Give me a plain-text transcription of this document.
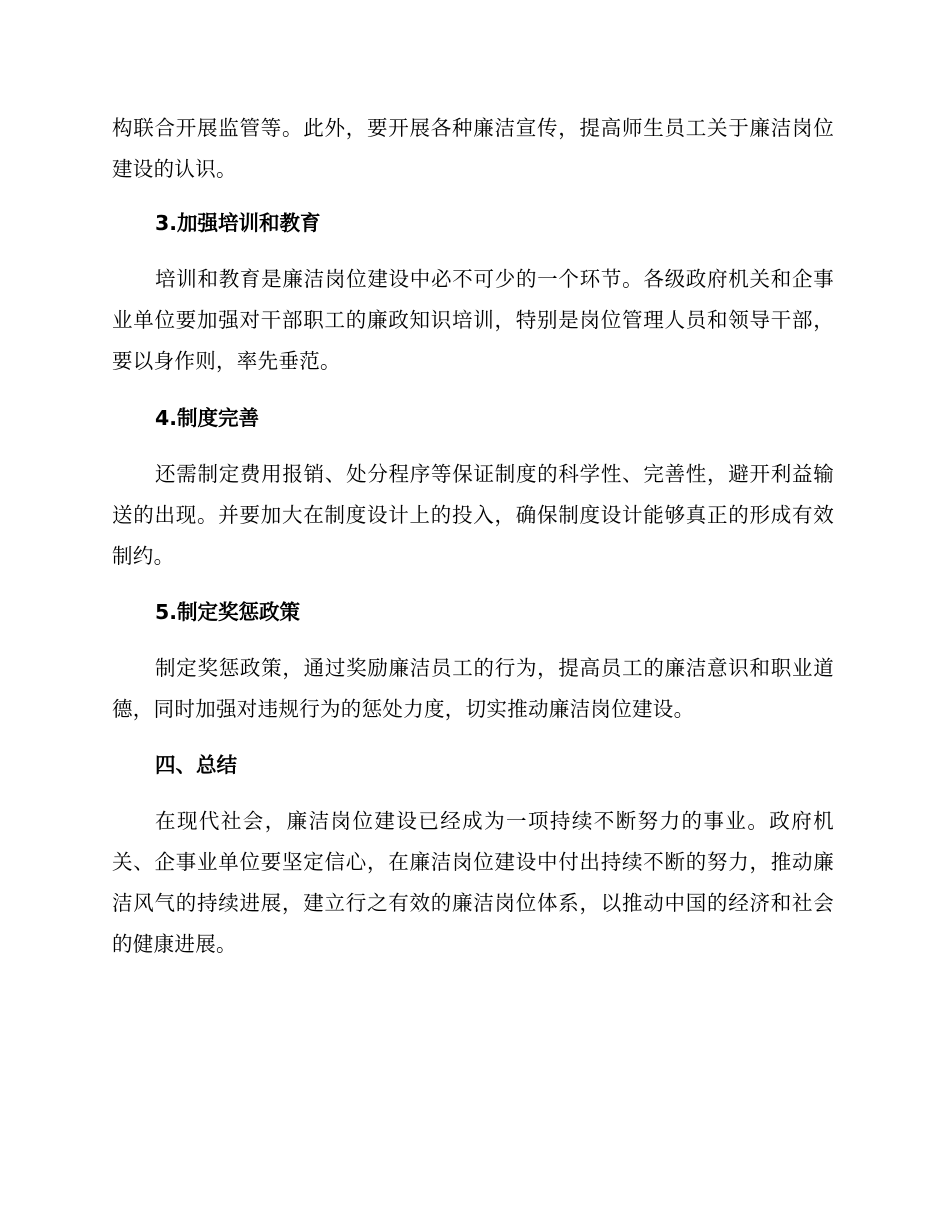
构联合开展监管等。此外，要开展各种廉洁宣传，提高师生员工关于廉洁岗位建设的认识。

3.加强培训和教育

培训和教育是廉洁岗位建设中必不可少的一个环节。各级政府机关和企事业单位要加强对干部职工的廉政知识培训，特别是岗位管理人员和领导干部，要以身作则，率先垂范。

4.制度完善

还需制定费用报销、处分程序等保证制度的科学性、完善性，避开利益输送的出现。并要加大在制度设计上的投入，确保制度设计能够真正的形成有效制约。

5.制定奖惩政策

制定奖惩政策，通过奖励廉洁员工的行为，提高员工的廉洁意识和职业道德，同时加强对违规行为的惩处力度，切实推动廉洁岗位建设。

四、总结

在现代社会，廉洁岗位建设已经成为一项持续不断努力的事业。政府机关、企事业单位要坚定信心，在廉洁岗位建设中付出持续不断的努力，推动廉洁风气的持续进展，建立行之有效的廉洁岗位体系，以推动中国的经济和社会的健康进展。
